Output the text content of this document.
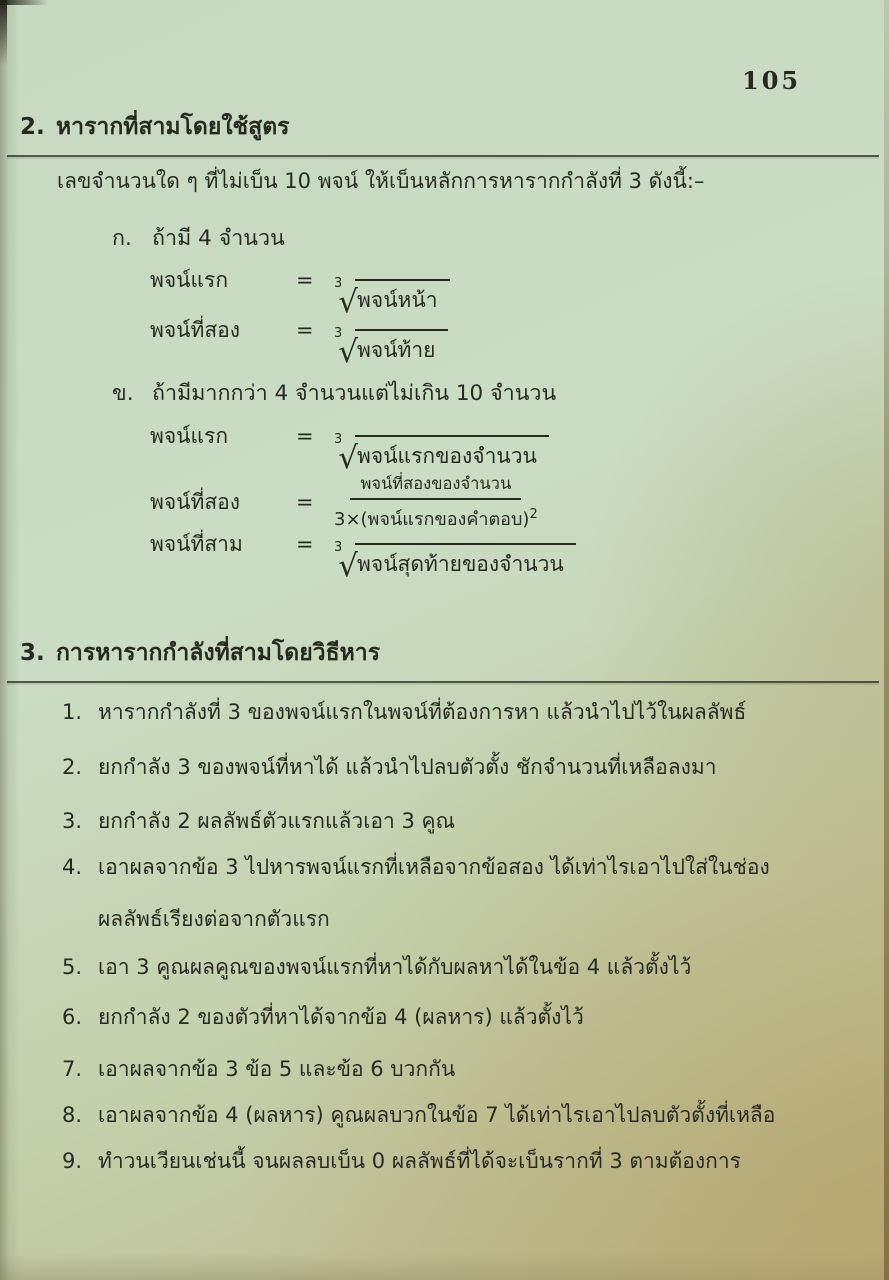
105
2. หารากที่สามโดยใช้สูตร
เลขจำนวนใด ๆ ที่ไม่เบ็น 10 พจน์ ให้เบ็นหลักการหารากกำลังที่ 3 ดังนี้:–
ก. ถ้ามี 4 จำนวน
พจน์แรก	=	3
√ พจน์หน้า
พจน์ที่สอง	=	3
√ พจน์ท้าย
ข. ถ้ามีมากกว่า 4 จำนวนแต่ไม่เกิน 10 จำนวน
พจน์แรก	=	3
√ พจน์แรกของจำนวน
พจน์ที่สอง	=	$\frac{\text{พจน์ที่สองของจำนวน}}{3\times(พจน์แรกของคำตอบ)^2}$
พจน์ที่สาม	=	3
√ พจน์สุดท้ายของจำนวน
3. การหารากกำลังที่สามโดยวิธีหาร
1. หารากกำลังที่ 3 ของพจน์แรกในพจน์ที่ต้องการหา แล้วนำไปไว้ในผลลัพธ์
2. ยกกำลัง 3 ของพจน์ที่หาได้ แล้วนำไปลบตัวตั้ง ชักจำนวนที่เหลือลงมา
3. ยกกำลัง 2 ผลลัพธ์ตัวแรกแล้วเอา 3 คูณ
4. เอาผลจากข้อ 3 ไปหารพจน์แรกที่เหลือจากข้อสอง ได้เท่าไรเอาไปใส่ในช่อง
ผลลัพธ์เรียงต่อจากตัวแรก
5. เอา 3 คูณผลคูณของพจน์แรกที่หาได้กับผลหาได้ในข้อ 4 แล้วตั้งไว้
6. ยกกำลัง 2 ของตัวที่หาได้จากข้อ 4 (ผลหาร) แล้วตั้งไว้
7. เอาผลจากข้อ 3 ข้อ 5 และข้อ 6 บวกกัน
8. เอาผลจากข้อ 4 (ผลหาร) คูณผลบวกในข้อ 7 ได้เท่าไรเอาไปลบตัวตั้งที่เหลือ
9. ทำวนเวียนเช่นนี้ จนผลลบเบ็น 0 ผลลัพธ์ที่ได้จะเบ็นรากที่ 3 ตามต้องการ
